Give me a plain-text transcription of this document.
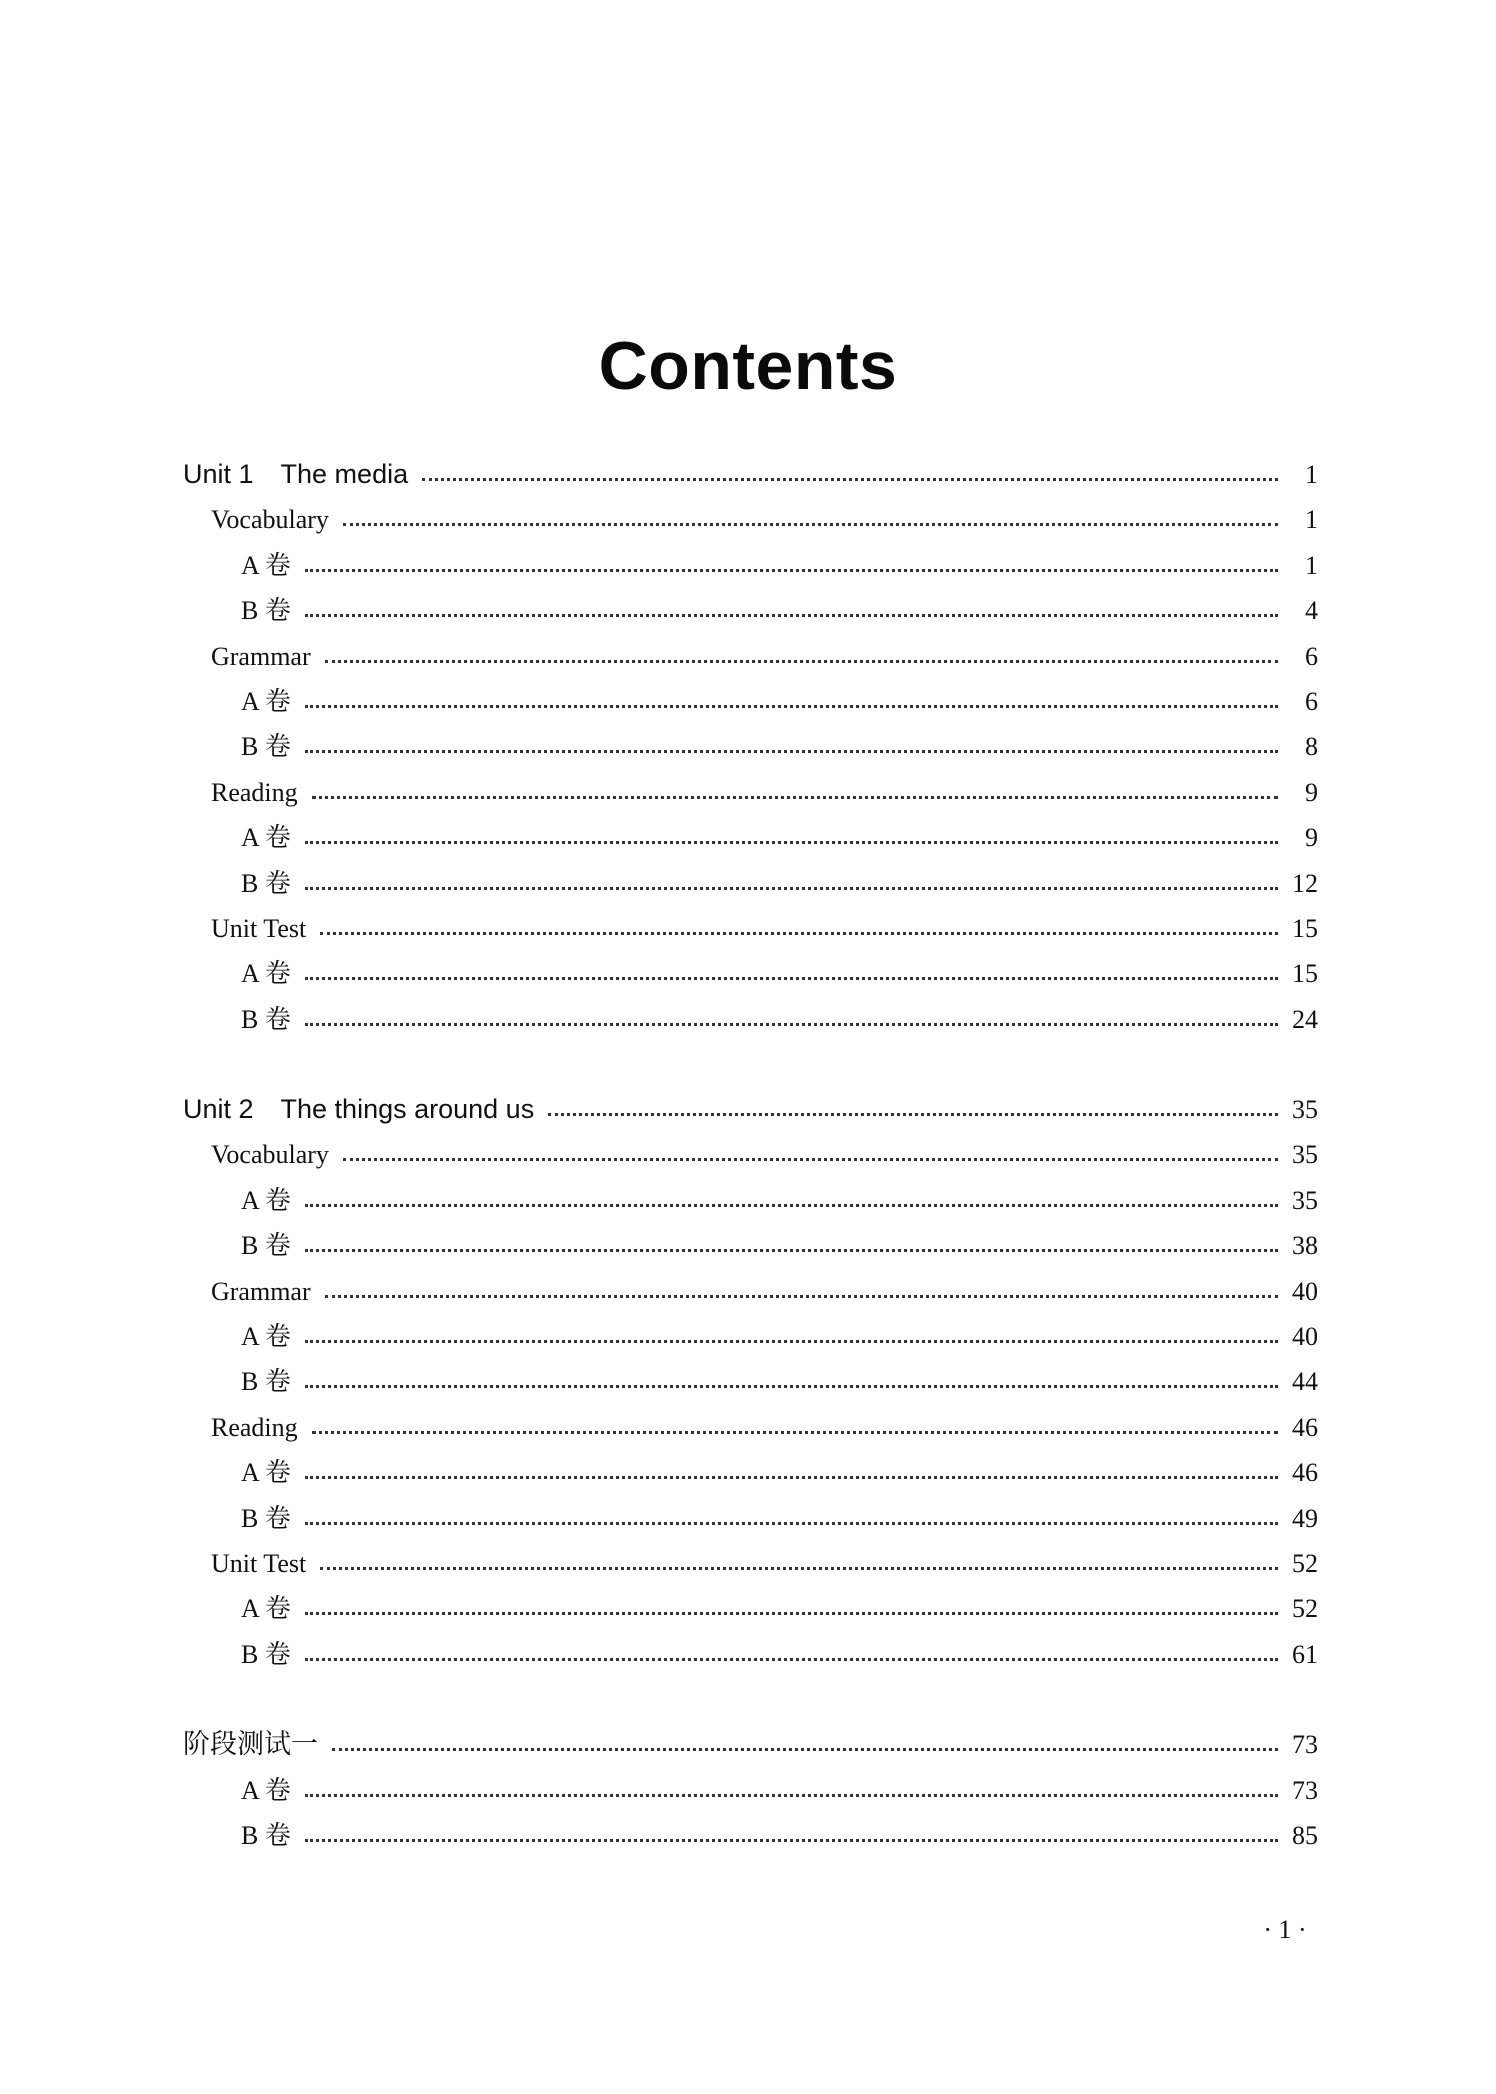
Contents
Unit 1　The media	1
Vocabulary	1
A 卷	1
B 卷	4
Grammar	6
A 卷	6
B 卷	8
Reading	9
A 卷	9
B 卷	12
Unit Test	15
A 卷	15
B 卷	24
Unit 2　The things around us	35
Vocabulary	35
A 卷	35
B 卷	38
Grammar	40
A 卷	40
B 卷	44
Reading	46
A 卷	46
B 卷	49
Unit Test	52
A 卷	52
B 卷	61
阶段测试一	73
A 卷	73
B 卷	85
· 1 ·
